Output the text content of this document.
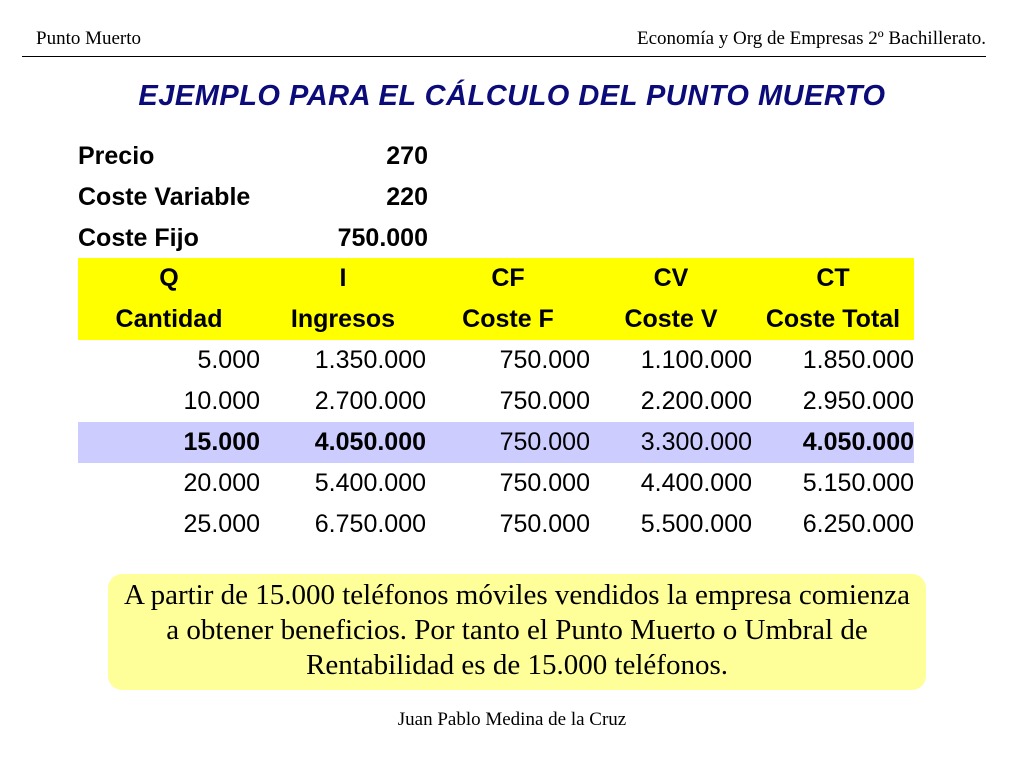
Punto Muerto	Economía y Org de Empresas 2º Bachillerato.
EJEMPLO PARA EL CÁLCULO DEL PUNTO MUERTO
Precio	270
Coste Variable	220
Coste Fijo	750.000
Q	I	CF	CV	CT
Cantidad	Ingresos	Coste F	Coste V	Coste Total
5.000	1.350.000	750.000	1.100.000	1.850.000
10.000	2.700.000	750.000	2.200.000	2.950.000
15.000	4.050.000	750.000	3.300.000	4.050.000
20.000	5.400.000	750.000	4.400.000	5.150.000
25.000	6.750.000	750.000	5.500.000	6.250.000
A partir de 15.000 teléfonos móviles vendidos la empresa comienza a obtener beneficios. Por tanto el Punto Muerto o Umbral de Rentabilidad es de 15.000 teléfonos.
Juan Pablo Medina de la Cruz
